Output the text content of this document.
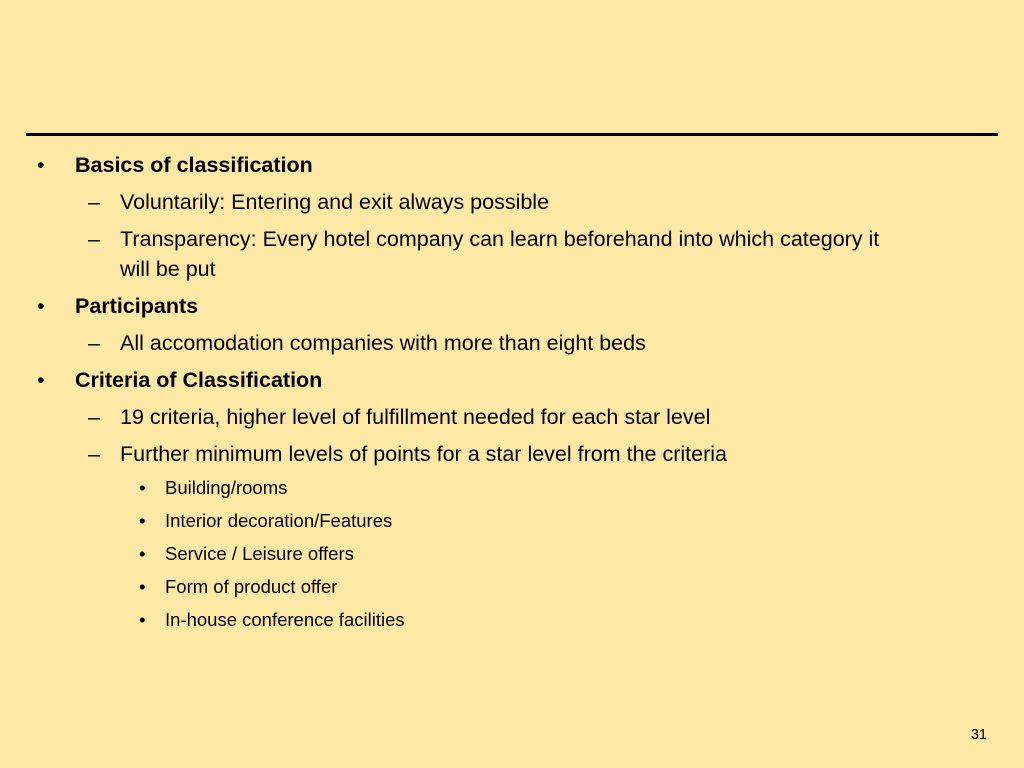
• Basics of classification
– Voluntarily: Entering and exit always possible
– Transparency: Every hotel company can learn beforehand into which category it will be put
• Participants
– All accomodation companies with more than eight beds
• Criteria of Classification
– 19 criteria, higher level of fulfillment needed for each star level
– Further minimum levels of points for a star level from the criteria
• Building/rooms
• Interior decoration/Features
• Service / Leisure offers
• Form of product offer
• In-house conference facilities
31
